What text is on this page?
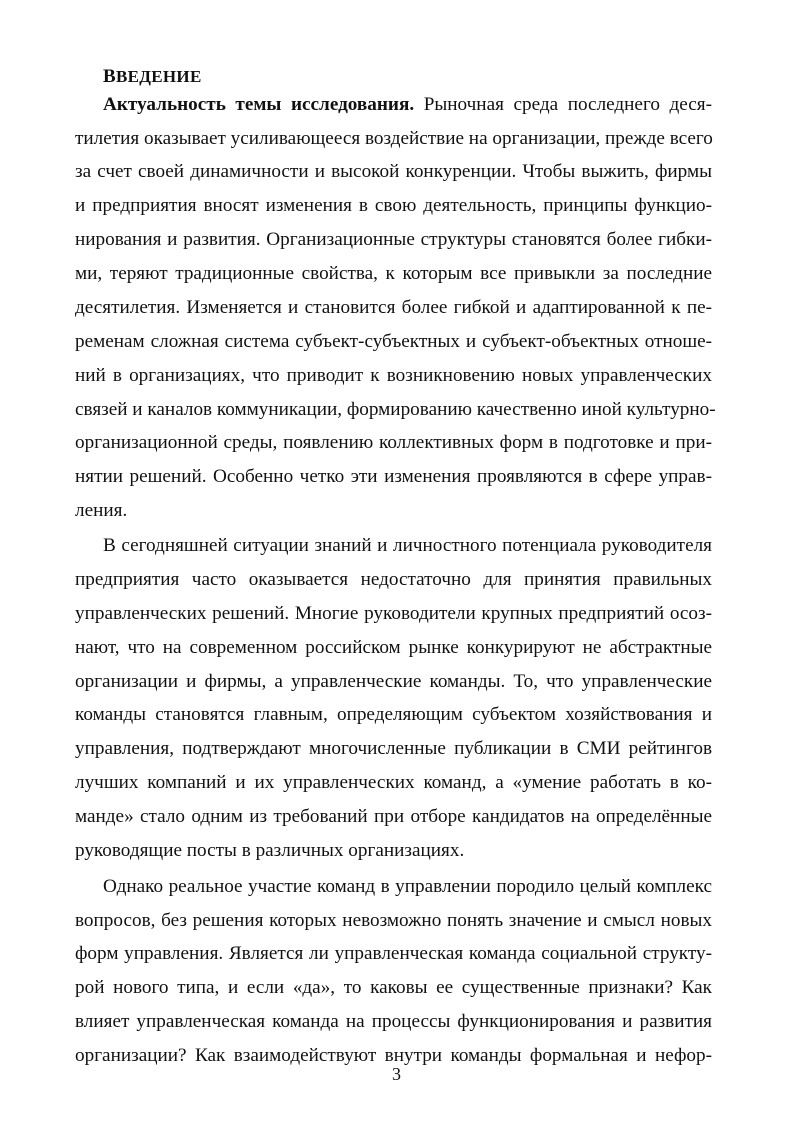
ВВЕДЕНИЕ
Актуальность темы исследования. Рыночная среда последнего деся-
тилетия оказывает усиливающееся воздействие на организации, прежде всего
за счет своей динамичности и высокой конкуренции. Чтобы выжить, фирмы
и предприятия вносят изменения в свою деятельность, принципы функцио-
нирования и развития. Организационные структуры становятся более гибки-
ми, теряют традиционные свойства, к которым все привыкли за последние
десятилетия. Изменяется и становится более гибкой и адаптированной к пе-
ременам сложная система субъект-субъектных и субъект-объектных отноше-
ний в организациях, что приводит к возникновению новых управленческих
связей и каналов коммуникации, формированию качественно иной культурно-
организационной среды, появлению коллективных форм в подготовке и при-
нятии решений. Особенно четко эти изменения проявляются в сфере управ-
ления.
В сегодняшней ситуации знаний и личностного потенциала руководителя
предприятия часто оказывается недостаточно для принятия правильных
управленческих решений. Многие руководители крупных предприятий осоз-
нают, что на современном российском рынке конкурируют не абстрактные
организации и фирмы, а управленческие команды. То, что управленческие
команды становятся главным, определяющим субъектом хозяйствования и
управления, подтверждают многочисленные публикации в СМИ рейтингов
лучших компаний и их управленческих команд, а «умение работать в ко-
манде» стало одним из требований при отборе кандидатов на определённые
руководящие посты в различных организациях.
Однако реальное участие команд в управлении породило целый комплекс
вопросов, без решения которых невозможно понять значение и смысл новых
форм управления. Является ли управленческая команда социальной структу-
рой нового типа, и если «да», то каковы ее существенные признаки? Как
влияет управленческая команда на процессы функционирования и развития
организации? Как взаимодействуют внутри команды формальная и нефор-
3
